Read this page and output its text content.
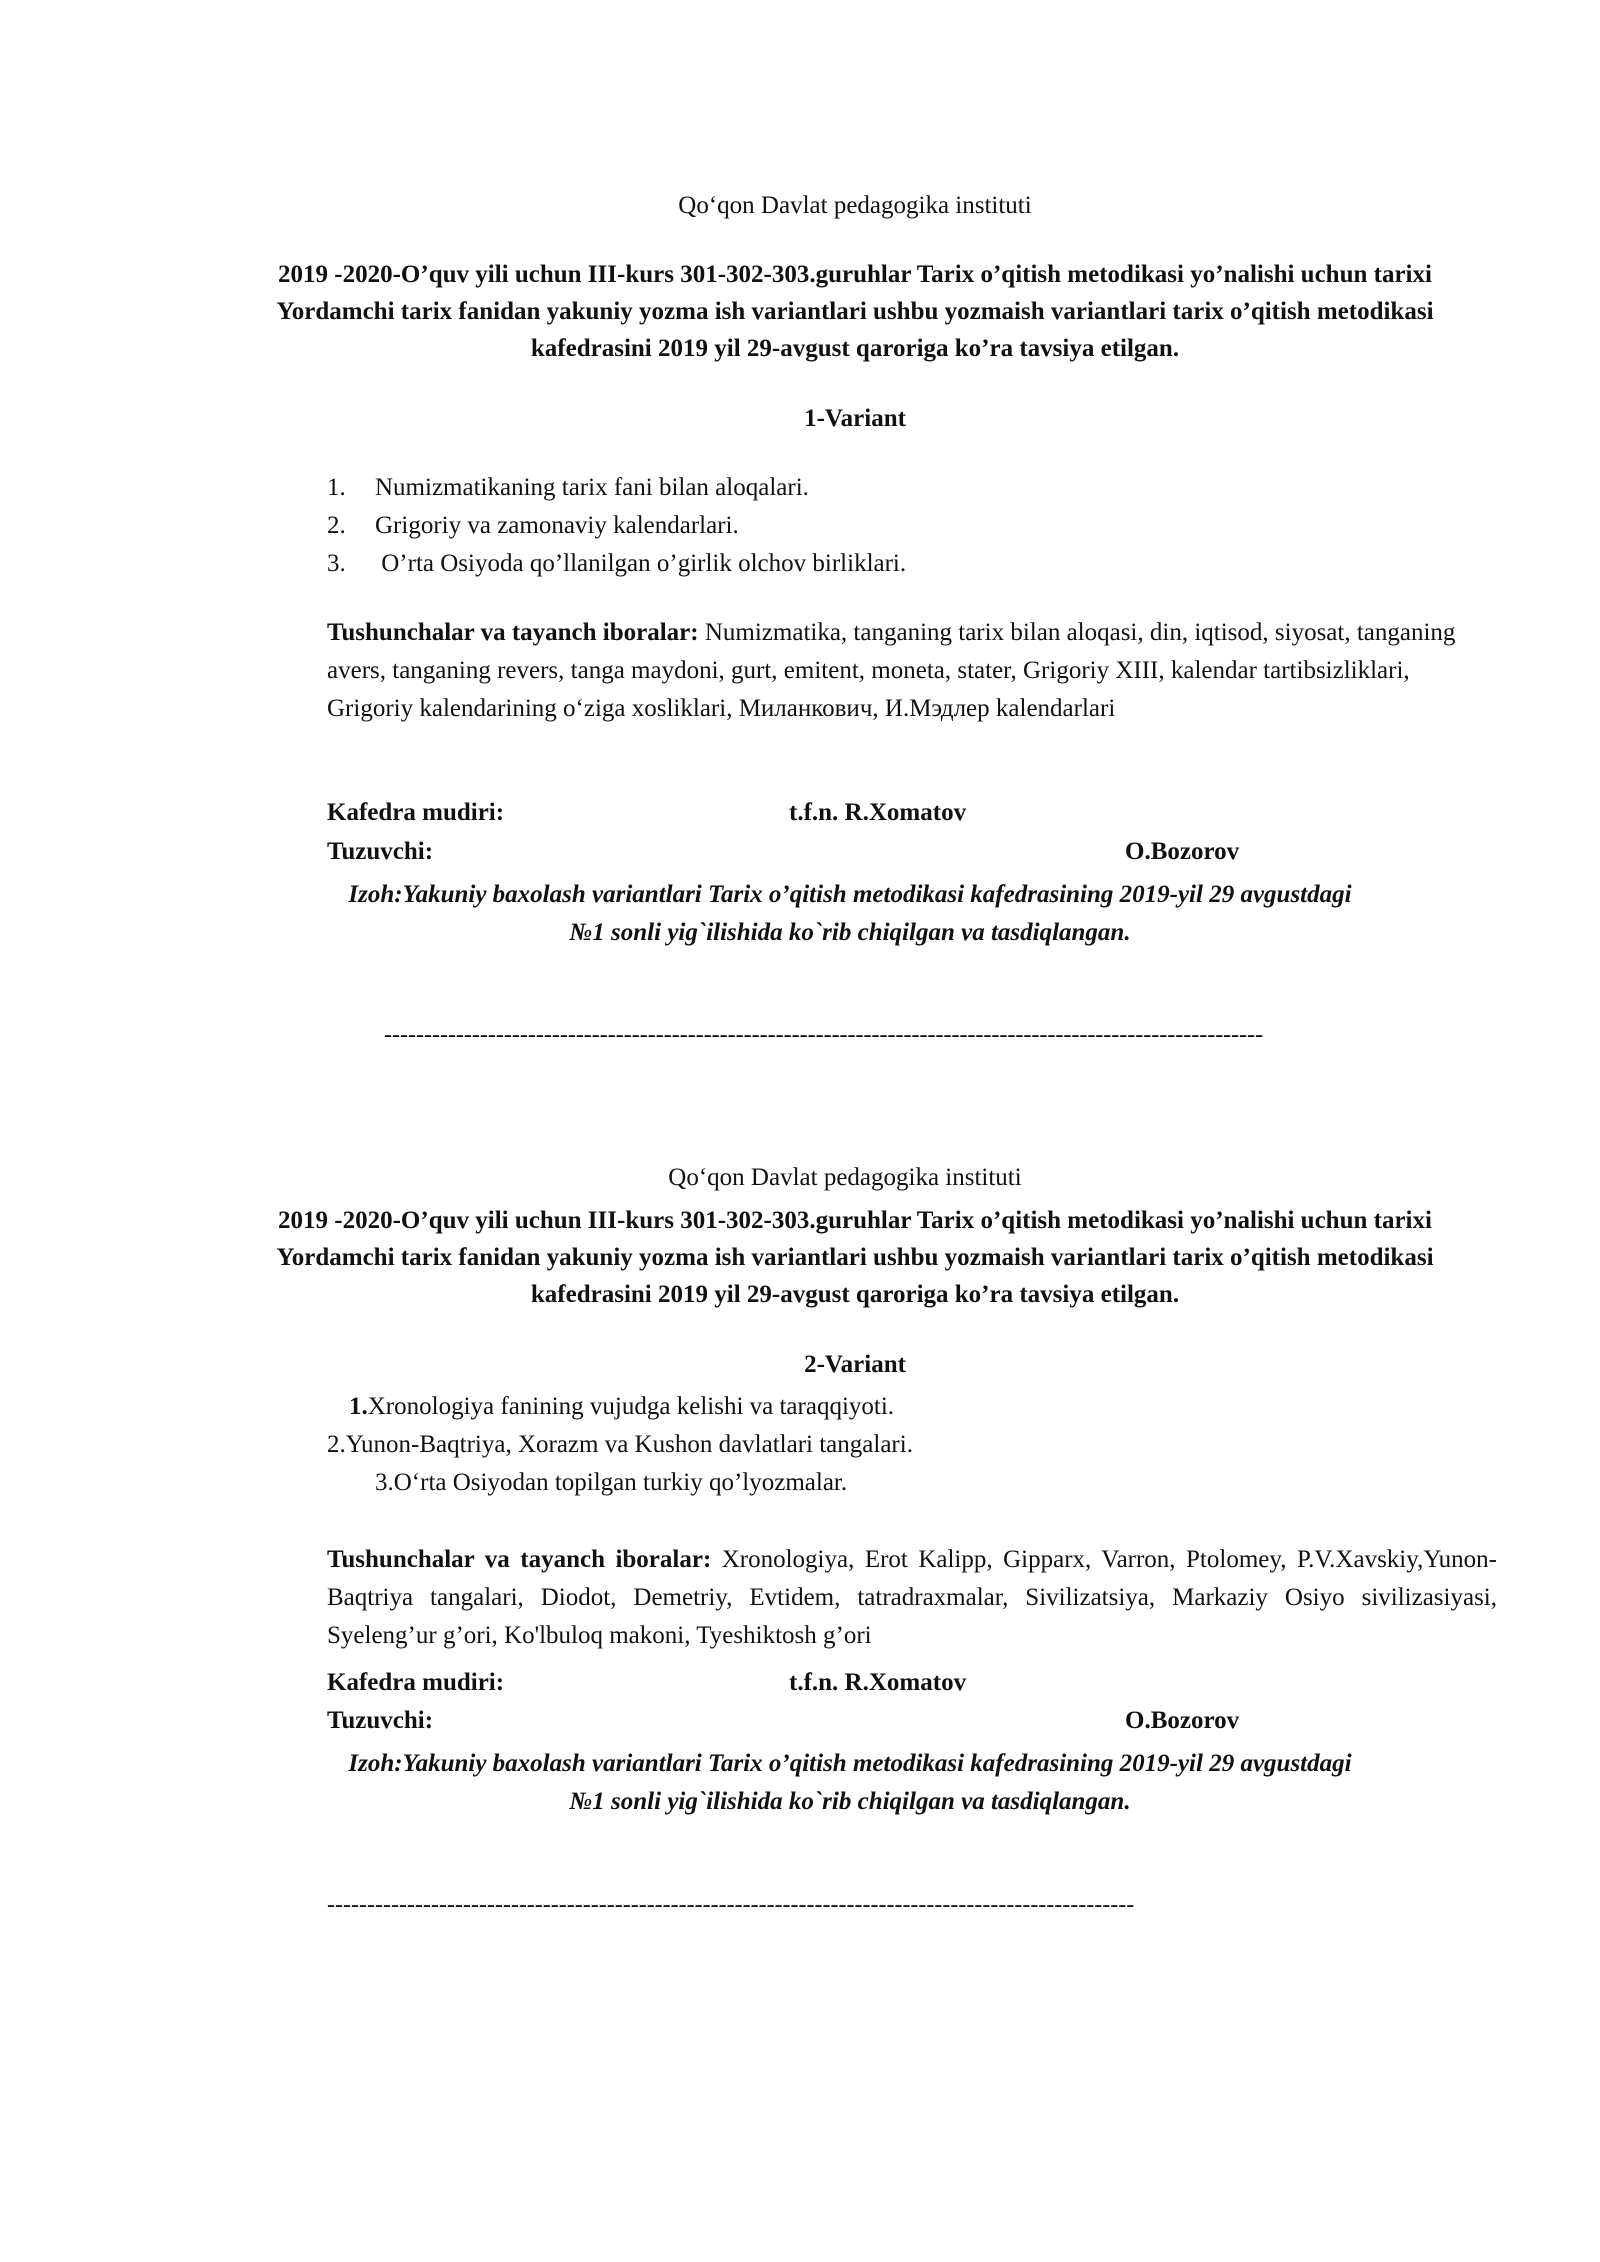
Qo‘qon Davlat pedagogika instituti
2019 -2020-O’quv yili uchun III-kurs 301-302-303.guruhlar Tarix o’qitish metodikasi yo’nalishi uchun tarixi Yordamchi tarix fanidan yakuniy yozma ish variantlari ushbu yozmaish variantlari tarix o’qitish metodikasi kafedrasini 2019 yil 29-avgust qaroriga ko’ra tavsiya etilgan.
1-Variant
1. Numizmatikaning tarix fani bilan aloqalari.
2. Grigoriy va zamonaviy kalendarlari.
3. O’rta Osiyoda qo’llanilgan o’girlik olchov birliklari.
Tushunchalar va tayanch iboralar: Numizmatika, tanganing tarix bilan aloqasi, din, iqtisod, siyosat, tanganing avers, tanganing revers, tanga maydoni, gurt, emitent, moneta, stater, Grigoriy XIII, kalendar tartibsizliklari, Grigoriy kalendarining o‘ziga xosliklari, Миланкович, И.Мэдлер kalendarlari
Kafedra mudiri:	t.f.n. R.Xomatov
Tuzuvchi:	O.Bozorov
Izoh:Yakuniy baxolash variantlari Tarix o’qitish metodikasi kafedrasining 2019-yil 29 avgustdagi
№1 sonli yig`ilishida ko`rib chiqilgan va tasdiqlangan.
--------------------------------------------------------------------------------------------------------------
Qo‘qon Davlat pedagogika instituti
2019 -2020-O’quv yili uchun III-kurs 301-302-303.guruhlar Tarix o’qitish metodikasi yo’nalishi uchun tarixi Yordamchi tarix fanidan yakuniy yozma ish variantlari ushbu yozmaish variantlari tarix o’qitish metodikasi kafedrasini 2019 yil 29-avgust qaroriga ko’ra tavsiya etilgan.
2-Variant
1.Xronologiya fanining vujudga kelishi va taraqqiyoti.
2.Yunon-Baqtriya, Xorazm va Kushon davlatlari tangalari.
3.O‘rta Osiyodan topilgan turkiy qo’lyozmalar.
Tushunchalar va tayanch iboralar: Xronologiya, Erot Kalipp, Gipparx, Varron, Ptolomey, P.V.Xavskiy,Yunon-Baqtriya tangalari, Diodot, Demetriy, Evtidem, tatradraxmalar, Sivilizatsiya, Markaziy Osiyo sivilizasiyasi, Syeleng’ur g’ori, Ko'lbuloq makoni, Tyeshiktosh g’ori
Kafedra mudiri:	t.f.n. R.Xomatov
Tuzuvchi:	O.Bozorov
Izoh:Yakuniy baxolash variantlari Tarix o’qitish metodikasi kafedrasining 2019-yil 29 avgustdagi
№1 sonli yig`ilishida ko`rib chiqilgan va tasdiqlangan.
-----------------------------------------------------------------------------------------------------
